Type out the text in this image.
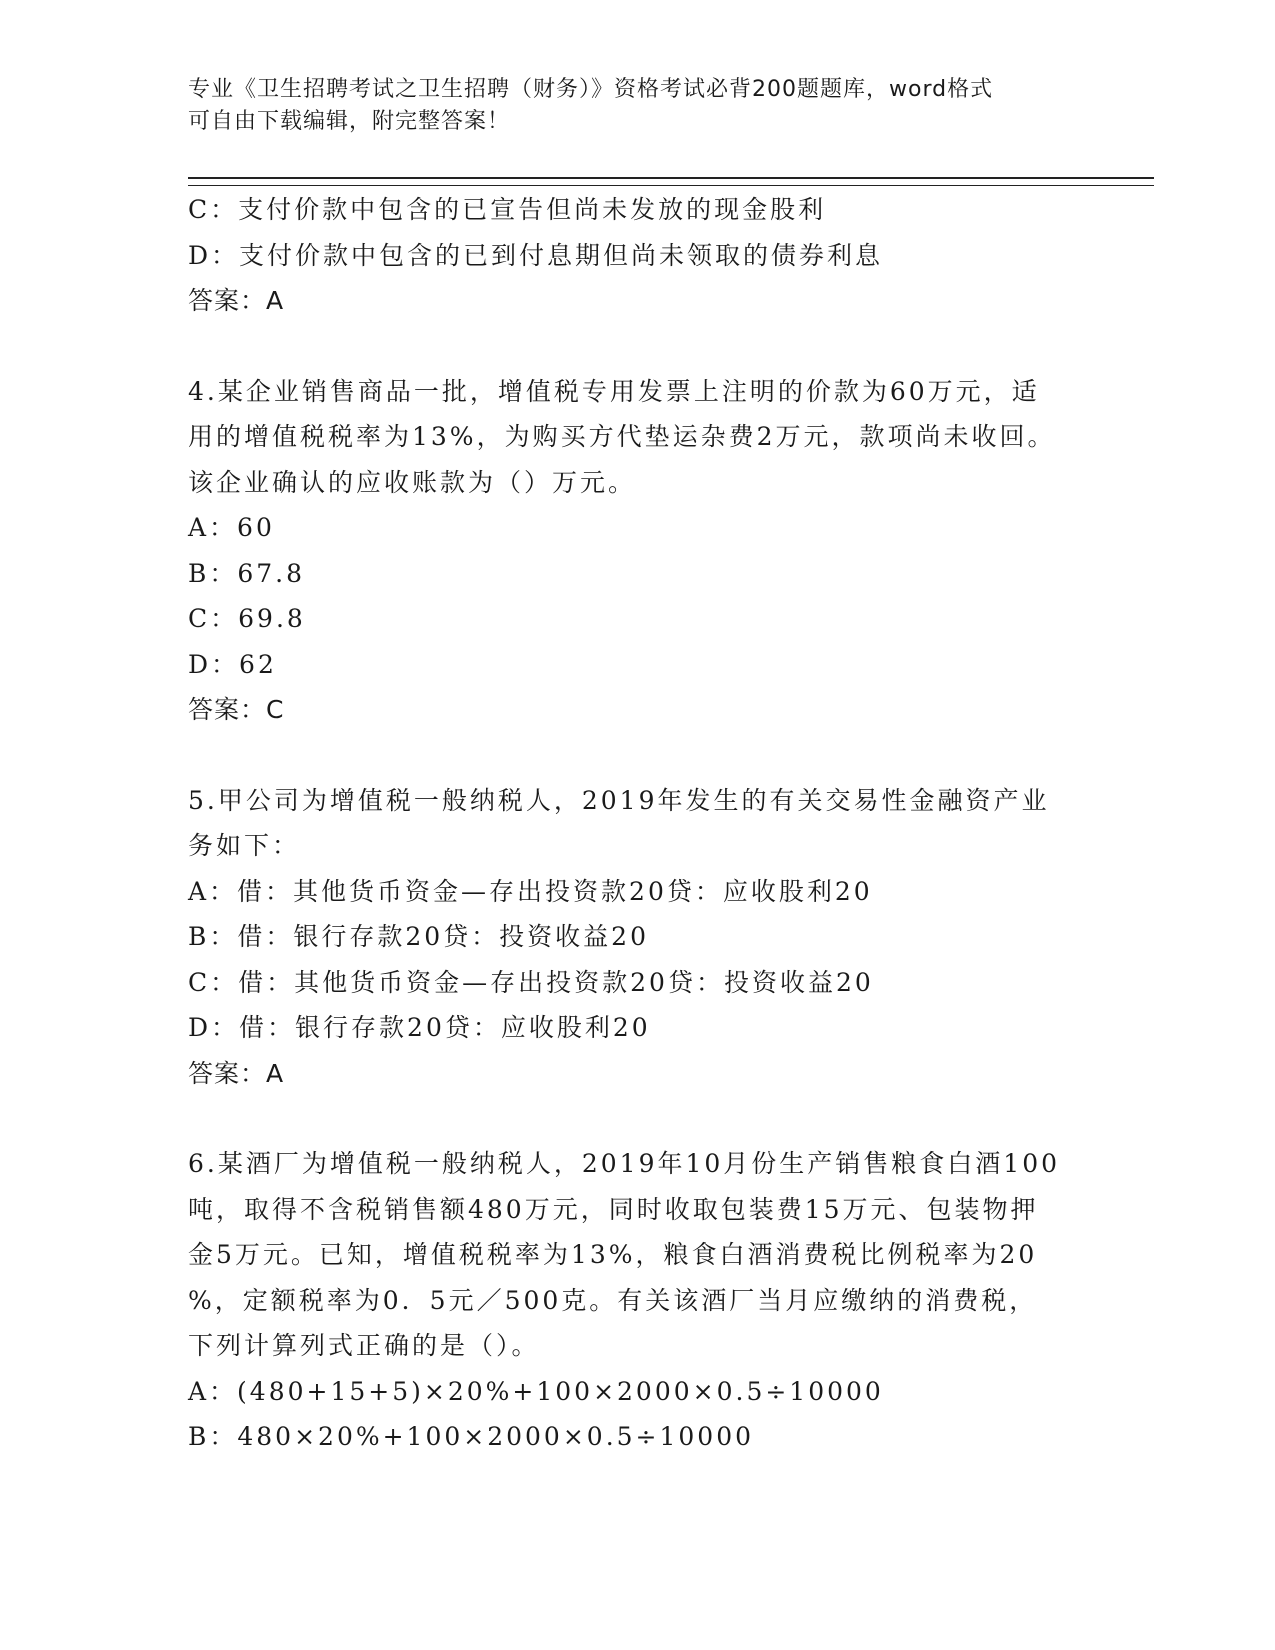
专业《卫生招聘考试之卫生招聘（财务）》资格考试必背200题题库，word格式
可自由下载编辑，附完整答案！
C：支付价款中包含的已宣告但尚未发放的现金股利
D：支付价款中包含的已到付息期但尚未领取的债券利息
答案：A
4.某企业销售商品一批，增值税专用发票上注明的价款为60万元，适
用的增值税税率为13%，为购买方代垫运杂费2万元，款项尚未收回。
该企业确认的应收账款为（）万元。
A：60
B：67.8
C：69.8
D：62
答案：C
5.甲公司为增值税一般纳税人，2019年发生的有关交易性金融资产业
务如下：
A：借：其他货币资金—存出投资款20贷：应收股利20
B：借：银行存款20贷：投资收益20
C：借：其他货币资金—存出投资款20贷：投资收益20
D：借：银行存款20贷：应收股利20
答案：A
6.某酒厂为增值税一般纳税人，2019年10月份生产销售粮食白酒100
吨，取得不含税销售额480万元，同时收取包装费15万元、包装物押
金5万元。已知，增值税税率为13%，粮食白酒消费税比例税率为20
%，定额税率为0．5元／500克。有关该酒厂当月应缴纳的消费税，
下列计算列式正确的是（）。
A：(480+15+5)×20%+100×2000×0.5÷10000
B：480×20%+100×2000×0.5÷10000
